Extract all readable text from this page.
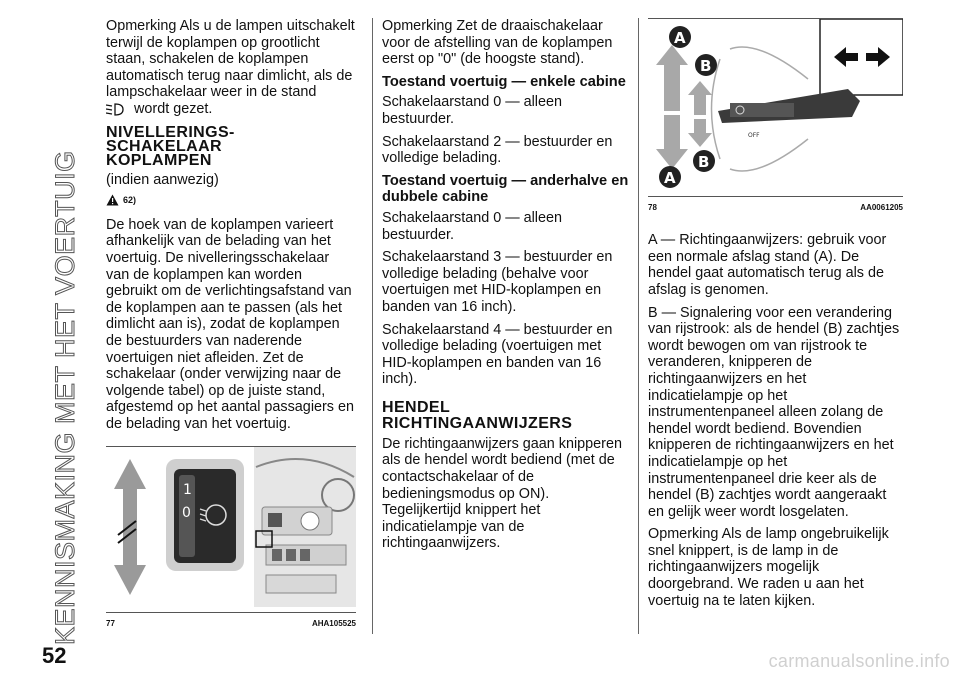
KENNISMAKING MET HET VOERTUIG
52

Opmerking Als u de lampen uitschakelt terwijl de koplampen op grootlicht staan, schakelen de koplampen automatisch terug naar dimlicht, als de lampschakelaar weer in de stand
wordt gezet.

NIVELLERINGS-
SCHAKELAAR
KOPLAMPEN

(indien aanwezig)

62)

De hoek van de koplampen varieert afhankelijk van de belading van het voertuig. De nivelleringsschakelaar van de koplampen kan worden gebruikt om de verlichtingsafstand van de koplampen aan te passen (als het dimlicht aan is), zodat de koplampen de bestuurders van naderende voertuigen niet afleiden. Zet de schakelaar (onder verwijzing naar de volgende tabel) op de juiste stand, afgestemd op het aantal passagiers en de belading van het voertuig.

1
0
77	AHA105525

Opmerking Zet de draaischakelaar voor de afstelling van de koplampen eerst op "0" (de hoogste stand).

Toestand voertuig — enkele cabine

Schakelaarstand 0 — alleen bestuurder.

Schakelaarstand 2 — bestuurder en volledige belading.

Toestand voertuig — anderhalve en dubbele cabine

Schakelaarstand 0 — alleen bestuurder.

Schakelaarstand 3 — bestuurder en volledige belading (behalve voor voertuigen met HID-koplampen en banden van 16 inch).

Schakelaarstand 4 — bestuurder en volledige belading (voertuigen met HID-koplampen en banden van 16 inch).

HENDEL
RICHTINGAANWIJZERS

De richtingaanwijzers gaan knipperen als de hendel wordt bediend (met de contactschakelaar of de bedieningsmodus op ON). Tegelijkertijd knippert het indicatielampje van de richtingaanwijzers.

OFF
A
B
B
A
78	AA0061205

A — Richtingaanwijzers: gebruik voor een normale afslag stand (A). De hendel gaat automatisch terug als de afslag is genomen.

B — Signalering voor een verandering van rijstrook: als de hendel (B) zachtjes wordt bewogen om van rijstrook te veranderen, knipperen de richtingaanwijzers en het indicatielampje op het instrumentenpaneel alleen zolang de hendel wordt bediend. Bovendien knipperen de richtingaanwijzers en het indicatielampje op het instrumentenpaneel drie keer als de hendel (B) zachtjes wordt aangeraakt en gelijk weer wordt losgelaten.

Opmerking Als de lamp ongebruikelijk snel knippert, is de lamp in de richtingaanwijzers mogelijk doorgebrand. We raden u aan het voertuig na te laten kijken.

carmanualsonline.info
